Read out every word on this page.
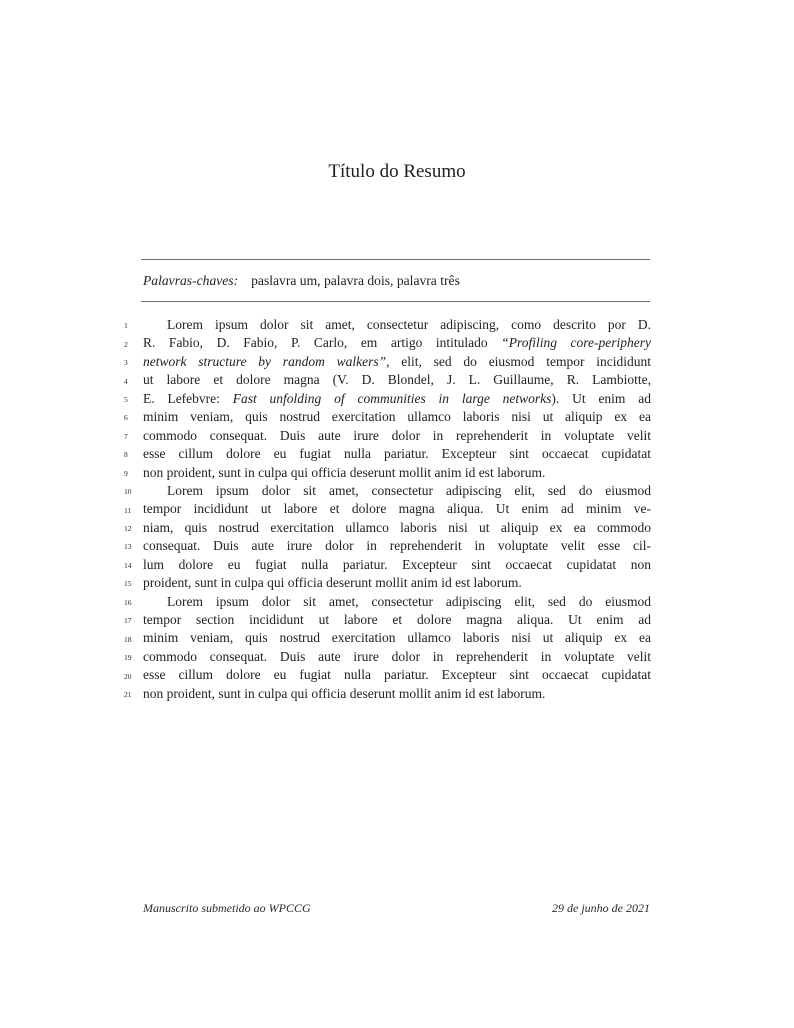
Título do Resumo
Palavras-chaves: paslavra um, palavra dois, palavra três
1	Lorem ipsum dolor sit amet, consectetur adipiscing, como descrito por D.
2 R. Fabio, D. Fabio, P. Carlo, em artigo intitulado “Profiling core-periphery
3 network structure by random walkers”, elit, sed do eiusmod tempor incididunt
4 ut labore et dolore magna (V. D. Blondel, J. L. Guillaume, R. Lambiotte,
5 E. Lefebvre: Fast unfolding of communities in large networks). Ut enim ad
6 minim veniam, quis nostrud exercitation ullamco laboris nisi ut aliquip ex ea
7 commodo consequat. Duis aute irure dolor in reprehenderit in voluptate velit
8 esse cillum dolore eu fugiat nulla pariatur. Excepteur sint occaecat cupidatat
9 non proident, sunt in culpa qui officia deserunt mollit anim id est laborum.
10	Lorem ipsum dolor sit amet, consectetur adipiscing elit, sed do eiusmod
11 tempor incididunt ut labore et dolore magna aliqua. Ut enim ad minim ve-
12 niam, quis nostrud exercitation ullamco laboris nisi ut aliquip ex ea commodo
13 consequat. Duis aute irure dolor in reprehenderit in voluptate velit esse cil-
14 lum dolore eu fugiat nulla pariatur. Excepteur sint occaecat cupidatat non
15 proident, sunt in culpa qui officia deserunt mollit anim id est laborum.
16	Lorem ipsum dolor sit amet, consectetur adipiscing elit, sed do eiusmod
17 tempor section incididunt ut labore et dolore magna aliqua. Ut enim ad
18 minim veniam, quis nostrud exercitation ullamco laboris nisi ut aliquip ex ea
19 commodo consequat. Duis aute irure dolor in reprehenderit in voluptate velit
20 esse cillum dolore eu fugiat nulla pariatur. Excepteur sint occaecat cupidatat
21 non proident, sunt in culpa qui officia deserunt mollit anim id est laborum.
Manuscrito submetido ao WPCCG	29 de junho de 2021
